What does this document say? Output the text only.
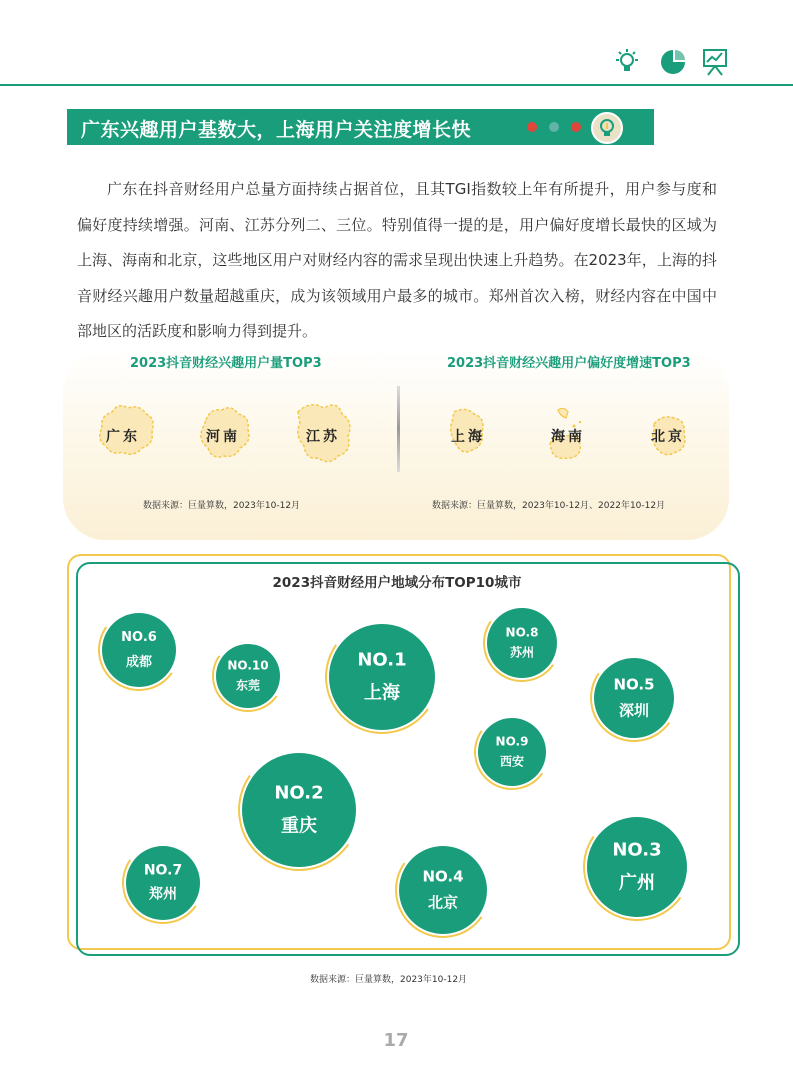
广东兴趣用户基数大，上海用户关注度增长快

广东在抖音财经用户总量方面持续占据首位，且其TGI指数较上年有所提升，用户参与度和偏好度持续增强。河南、江苏分列二、三位。特别值得一提的是，用户偏好度增长最快的区域为上海、海南和北京，这些地区用户对财经内容的需求呈现出快速上升趋势。在2023年，上海的抖音财经兴趣用户数量超越重庆，成为该领域用户最多的城市。郑州首次入榜，财经内容在中国中部地区的活跃度和影响力得到提升。

2023抖音财经兴趣用户量TOP3	2023抖音财经兴趣用户偏好度增速TOP3
广东	河南	江苏	上海	海南	北京
数据来源：巨量算数，2023年10-12月	数据来源：巨量算数，2023年10-12月、2022年10-12月
2023抖音财经用户地域分布TOP10城市
NO.6
成都	NO.10
东莞
NO.1
上海
NO.8
苏州
NO.5
深圳
NO.9
西安
NO.2
重庆
NO.3
广州
NO.4
北京
NO.7
郑州
数据来源：巨量算数，2023年10-12月
17
